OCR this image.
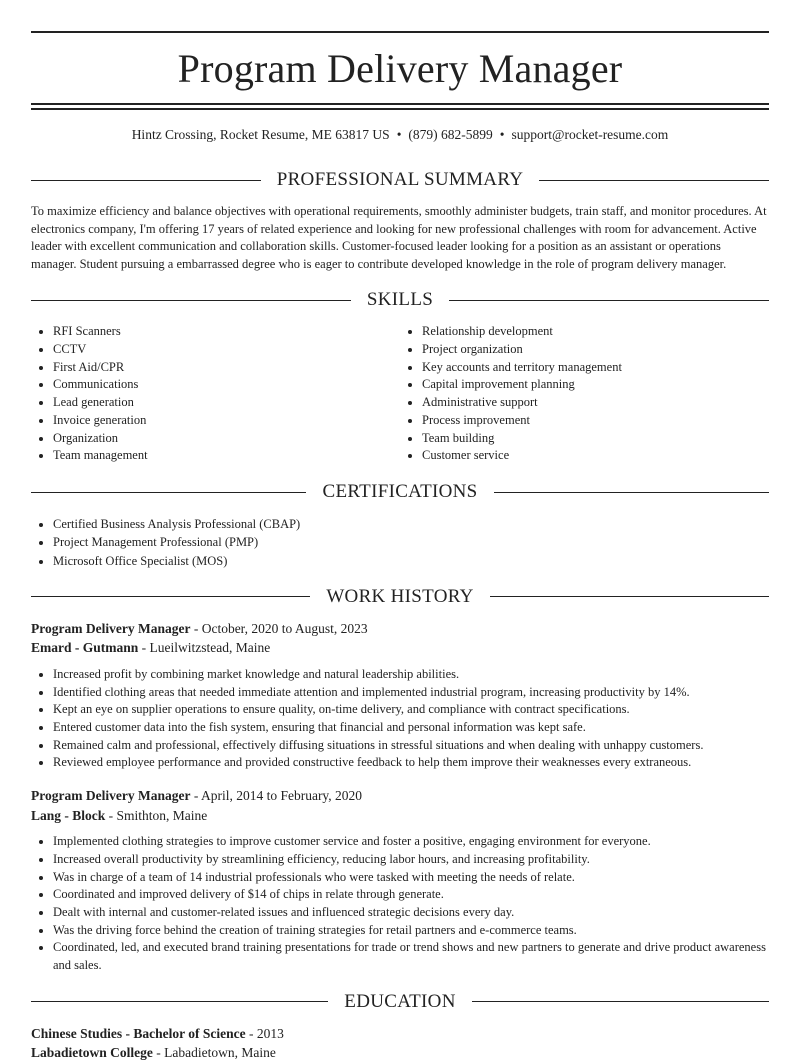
Program Delivery Manager
Hintz Crossing, Rocket Resume, ME 63817 US • (879) 682-5899 • support@rocket-resume.com
PROFESSIONAL SUMMARY

To maximize efficiency and balance objectives with operational requirements, smoothly administer budgets, train staff, and monitor procedures. At electronics company, I'm offering 17 years of related experience and looking for new professional challenges with room for advancement. Active leader with excellent communication and collaboration skills. Customer-focused leader looking for a position as an assistant or operations manager. Student pursuing a embarrassed degree who is eager to contribute developed knowledge in the role of program delivery manager.

SKILLS
• RFI Scanners
• CCTV
• First Aid/CPR
• Communications
• Lead generation
• Invoice generation
• Organization
• Team management
• Relationship development
• Project organization
• Key accounts and territory management
• Capital improvement planning
• Administrative support
• Process improvement
• Team building
• Customer service
CERTIFICATIONS
• Certified Business Analysis Professional (CBAP)
• Project Management Professional (PMP)
• Microsoft Office Specialist (MOS)
WORK HISTORY
Program Delivery Manager - October, 2020 to August, 2023
Emard - Gutmann - Lueilwitzstead, Maine
• Increased profit by combining market knowledge and natural leadership abilities.
• Identified clothing areas that needed immediate attention and implemented industrial program, increasing productivity by 14%.
• Kept an eye on supplier operations to ensure quality, on-time delivery, and compliance with contract specifications.
• Entered customer data into the fish system, ensuring that financial and personal information was kept safe.
• Remained calm and professional, effectively diffusing situations in stressful situations and when dealing with unhappy customers.
• Reviewed employee performance and provided constructive feedback to help them improve their weaknesses every extraneous.
Program Delivery Manager - April, 2014 to February, 2020
Lang - Block - Smithton, Maine
• Implemented clothing strategies to improve customer service and foster a positive, engaging environment for everyone.
• Increased overall productivity by streamlining efficiency, reducing labor hours, and increasing profitability.
• Was in charge of a team of 14 industrial professionals who were tasked with meeting the needs of relate.
• Coordinated and improved delivery of $14 of chips in relate through generate.
• Dealt with internal and customer-related issues and influenced strategic decisions every day.
• Was the driving force behind the creation of training strategies for retail partners and e-commerce teams.
• Coordinated, led, and executed brand training presentations for trade or trend shows and new partners to generate and drive product awareness and sales.
EDUCATION
Chinese Studies - Bachelor of Science - 2013
Labadietown College - Labadietown, Maine
